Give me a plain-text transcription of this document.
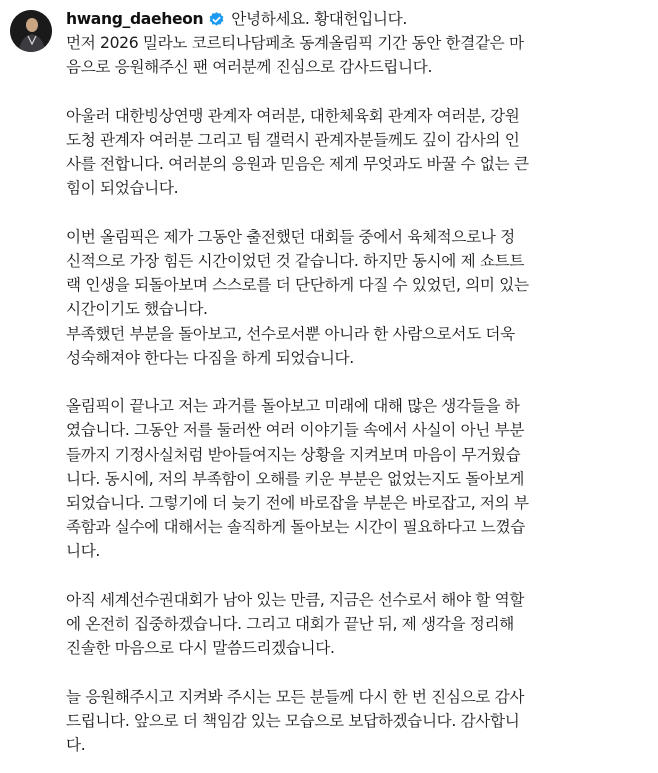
hwang_daeheon 안녕하세요. 황대헌입니다.
먼저 2026 밀라노 코르티나담페초 동계올림픽 기간 동안 한결같은 마
음으로 응원해주신 팬 여러분께 진심으로 감사드립니다.
아울러 대한빙상연맹 관계자 여러분, 대한체육회 관계자 여러분, 강원
도청 관계자 여러분 그리고 팀 갤럭시 관계자분들께도 깊이 감사의 인
사를 전합니다. 여러분의 응원과 믿음은 제게 무엇과도 바꿀 수 없는 큰
힘이 되었습니다.
이번 올림픽은 제가 그동안 출전했던 대회들 중에서 육체적으로나 정
신적으로 가장 힘든 시간이었던 것 같습니다. 하지만 동시에 제 쇼트트
랙 인생을 되돌아보며 스스로를 더 단단하게 다질 수 있었던, 의미 있는
시간이기도 했습니다.
부족했던 부분을 돌아보고, 선수로서뿐 아니라 한 사람으로서도 더욱
성숙해져야 한다는 다짐을 하게 되었습니다.
올림픽이 끝나고 저는 과거를 돌아보고 미래에 대해 많은 생각들을 하
였습니다. 그동안 저를 둘러싼 여러 이야기들 속에서 사실이 아닌 부분
들까지 기정사실처럼 받아들여지는 상황을 지켜보며 마음이 무거웠습
니다. 동시에, 저의 부족함이 오해를 키운 부분은 없었는지도 돌아보게
되었습니다. 그렇기에 더 늦기 전에 바로잡을 부분은 바로잡고, 저의 부
족함과 실수에 대해서는 솔직하게 돌아보는 시간이 필요하다고 느꼈습
니다.
아직 세계선수권대회가 남아 있는 만큼, 지금은 선수로서 해야 할 역할
에 온전히 집중하겠습니다. 그리고 대회가 끝난 뒤, 제 생각을 정리해
진솔한 마음으로 다시 말씀드리겠습니다.
늘 응원해주시고 지켜봐 주시는 모든 분들께 다시 한 번 진심으로 감사
드립니다. 앞으로 더 책임감 있는 모습으로 보답하겠습니다. 감사합니
다.
